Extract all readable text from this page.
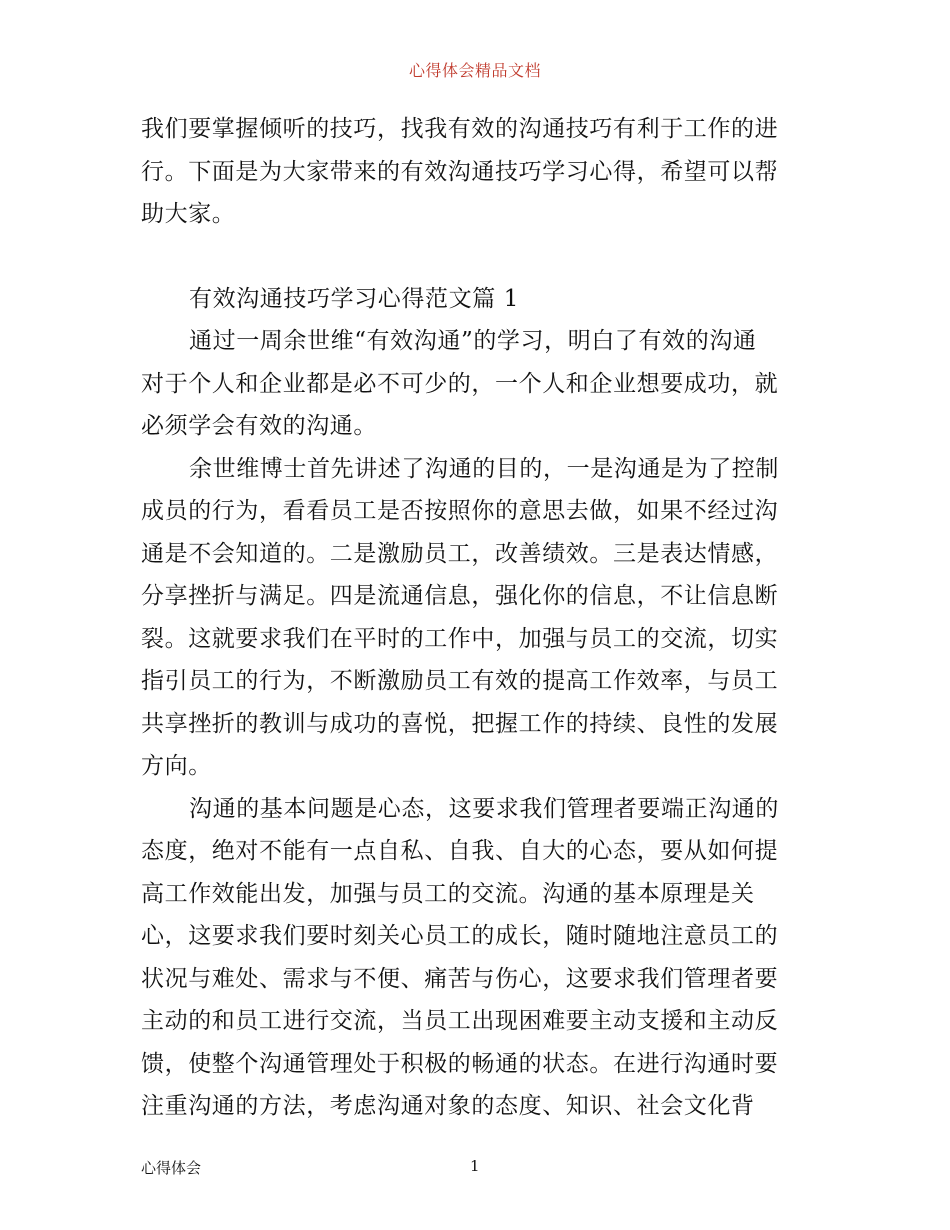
心得体会精品文档

我们要掌握倾听的技巧，找我有效的沟通技巧有利于工作的进
行。下面是为大家带来的有效沟通技巧学习心得，希望可以帮
助大家。

有效沟通技巧学习心得范文篇 1

通过一周余世维“有效沟通”的学习，明白了有效的沟通
对于个人和企业都是必不可少的，一个人和企业想要成功，就
必须学会有效的沟通。

余世维博士首先讲述了沟通的目的，一是沟通是为了控制
成员的行为，看看员工是否按照你的意思去做，如果不经过沟
通是不会知道的。二是激励员工，改善绩效。三是表达情感，
分享挫折与满足。四是流通信息，强化你的信息，不让信息断
裂。这就要求我们在平时的工作中，加强与员工的交流，切实
指引员工的行为，不断激励员工有效的提高工作效率，与员工
共享挫折的教训与成功的喜悦，把握工作的持续、良性的发展
方向。

沟通的基本问题是心态，这要求我们管理者要端正沟通的
态度，绝对不能有一点自私、自我、自大的心态，要从如何提
高工作效能出发，加强与员工的交流。沟通的基本原理是关
心，这要求我们要时刻关心员工的成长，随时随地注意员工的
状况与难处、需求与不便、痛苦与伤心，这要求我们管理者要
主动的和员工进行交流，当员工出现困难要主动支援和主动反
馈，使整个沟通管理处于积极的畅通的状态。在进行沟通时要
注重沟通的方法，考虑沟通对象的态度、知识、社会文化背

心得体会	1
